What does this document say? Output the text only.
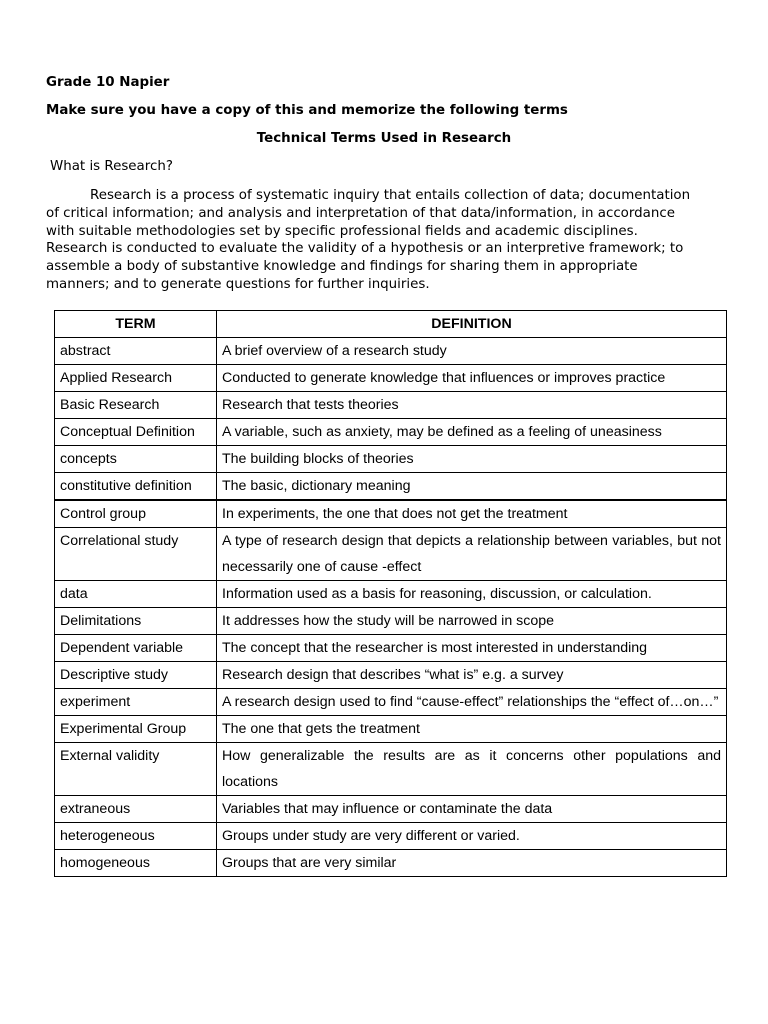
Grade 10 Napier
Make sure you have a copy of this and memorize the following terms
Technical Terms Used in Research
What is Research?
Research is a process of systematic inquiry that entails collection of data; documentation
of critical information; and analysis and interpretation of that data/information, in accordance
with suitable methodologies set by specific professional fields and academic disciplines.
Research is conducted to evaluate the validity of a hypothesis or an interpretive framework; to
assemble a body of substantive knowledge and findings for sharing them in appropriate
manners; and to generate questions for further inquiries.
TERM	DEFINITION
abstract	A brief overview of a research study
Applied Research	Conducted to generate knowledge that influences or improves practice
Basic Research	Research that tests theories
Conceptual Definition	A variable, such as anxiety, may be defined as a feeling of uneasiness
concepts	The building blocks of theories
constitutive definition	The basic, dictionary meaning
Control group	In experiments, the one that does not get the treatment
Correlational study	A type of research design that depicts a relationship between variables, but not necessarily one of cause -effect
data	Information used as a basis for reasoning, discussion, or calculation.
Delimitations	It addresses how the study will be narrowed in scope
Dependent variable	The concept that the researcher is most interested in understanding
Descriptive study	Research design that describes “what is” e.g. a survey
experiment	A research design used to find “cause-effect” relationships the “effect of…on…”
Experimental Group	The one that gets the treatment
External validity	How generalizable the results are as it concerns other populations and locations
extraneous	Variables that may influence or contaminate the data
heterogeneous	Groups under study are very different or varied.
homogeneous	Groups that are very similar
